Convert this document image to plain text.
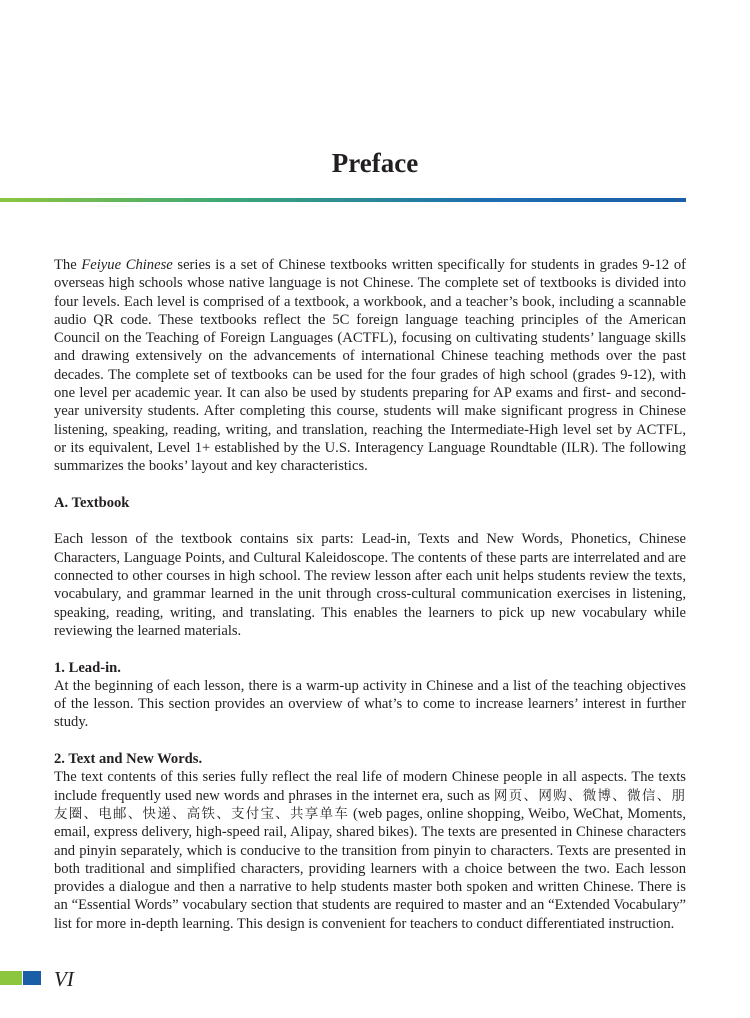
Preface

The Feiyue Chinese series is a set of Chinese textbooks written specifically for students in grades 9-12 of overseas high schools whose native language is not Chinese. The complete set of textbooks is divided into four levels. Each level is comprised of a textbook, a workbook, and a teacher’s book, including a scannable audio QR code. These textbooks reflect the 5C foreign language teaching principles of the American Council on the Teaching of Foreign Languages (ACTFL), focusing on cultivating students’ language skills and drawing extensively on the advancements of international Chinese teaching methods over the past decades. The complete set of textbooks can be used for the four grades of high school (grades 9-12), with one level per academic year. It can also be used by students preparing for AP exams and first- and second-year university students. After completing this course, students will make significant progress in Chinese listening, speaking, reading, writing, and translation, reaching the Intermediate-High level set by ACTFL, or its equivalent, Level 1+ established by the U.S. Interagency Language Roundtable (ILR). The following summarizes the books’ layout and key characteristics.

A. Textbook

Each lesson of the textbook contains six parts: Lead-in, Texts and New Words, Phonetics, Chinese Characters, Language Points, and Cultural Kaleidoscope. The contents of these parts are interrelated and are connected to other courses in high school. The review lesson after each unit helps students review the texts, vocabulary, and grammar learned in the unit through cross-cultural communication exercises in listening, speaking, reading, writing, and translating. This enables the learners to pick up new vocabulary while reviewing the learned materials.

1. Lead-in.

At the beginning of each lesson, there is a warm-up activity in Chinese and a list of the teaching objectives of the lesson. This section provides an overview of what’s to come to increase learners’ interest in further study.

2. Text and New Words.

The text contents of this series fully reflect the real life of modern Chinese people in all aspects. The texts include frequently used new words and phrases in the internet era, such as 网页、网购、微博、微信、朋友圈、电邮、快递、高铁、支付宝、共享单车 (web pages, online shopping, Weibo, WeChat, Moments, email, express delivery, high-speed rail, Alipay, shared bikes). The texts are presented in Chinese characters and pinyin separately, which is conducive to the transition from pinyin to characters. Texts are presented in both traditional and simplified characters, providing learners with a choice between the two. Each lesson provides a dialogue and then a narrative to help students master both spoken and written Chinese. There is an “Essential Words” vocabulary section that students are required to master and an “Extended Vocabulary” list for more in-depth learning. This design is convenient for teachers to conduct differentiated instruction.

VI
